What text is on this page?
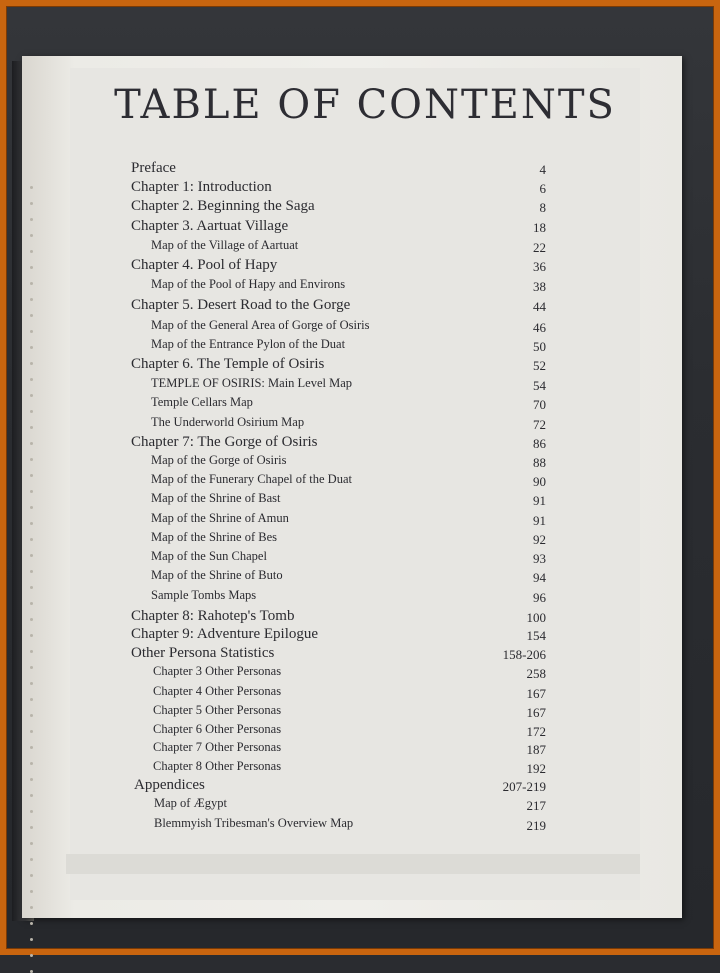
TABLE OF CONTENTS
Preface	4
Chapter 1: Introduction	6
Chapter 2. Beginning the Saga	8
Chapter 3. Aartuat Village	18
Map of the Village of Aartuat	22
Chapter 4. Pool of Hapy	36
Map of the Pool of Hapy and Environs	38
Chapter 5. Desert Road to the Gorge	44
Map of the General Area of Gorge of Osiris	46
Map of the Entrance Pylon of the Duat	50
Chapter 6. The Temple of Osiris	52
TEMPLE OF OSIRIS: Main Level Map	54
Temple Cellars Map	70
The Underworld Osirium Map	72
Chapter 7: The Gorge of Osiris	86
Map of the Gorge of Osiris	88
Map of the Funerary Chapel of the Duat	90
Map of the Shrine of Bast	91
Map of the Shrine of Amun	91
Map of the Shrine of Bes	92
Map of the Sun Chapel	93
Map of the Shrine of Buto	94
Sample Tombs Maps	96
Chapter 8: Rahotep's Tomb	100
Chapter 9: Adventure Epilogue	154
Other Persona Statistics	158-206
Chapter 3 Other Personas	258
Chapter 4 Other Personas	167
Chapter 5 Other Personas	167
Chapter 6 Other Personas	172
Chapter 7 Other Personas	187
Chapter 8 Other Personas	192
Appendices	207-219
Map of Ægypt	217
Blemmyish Tribesman's Overview Map	219
